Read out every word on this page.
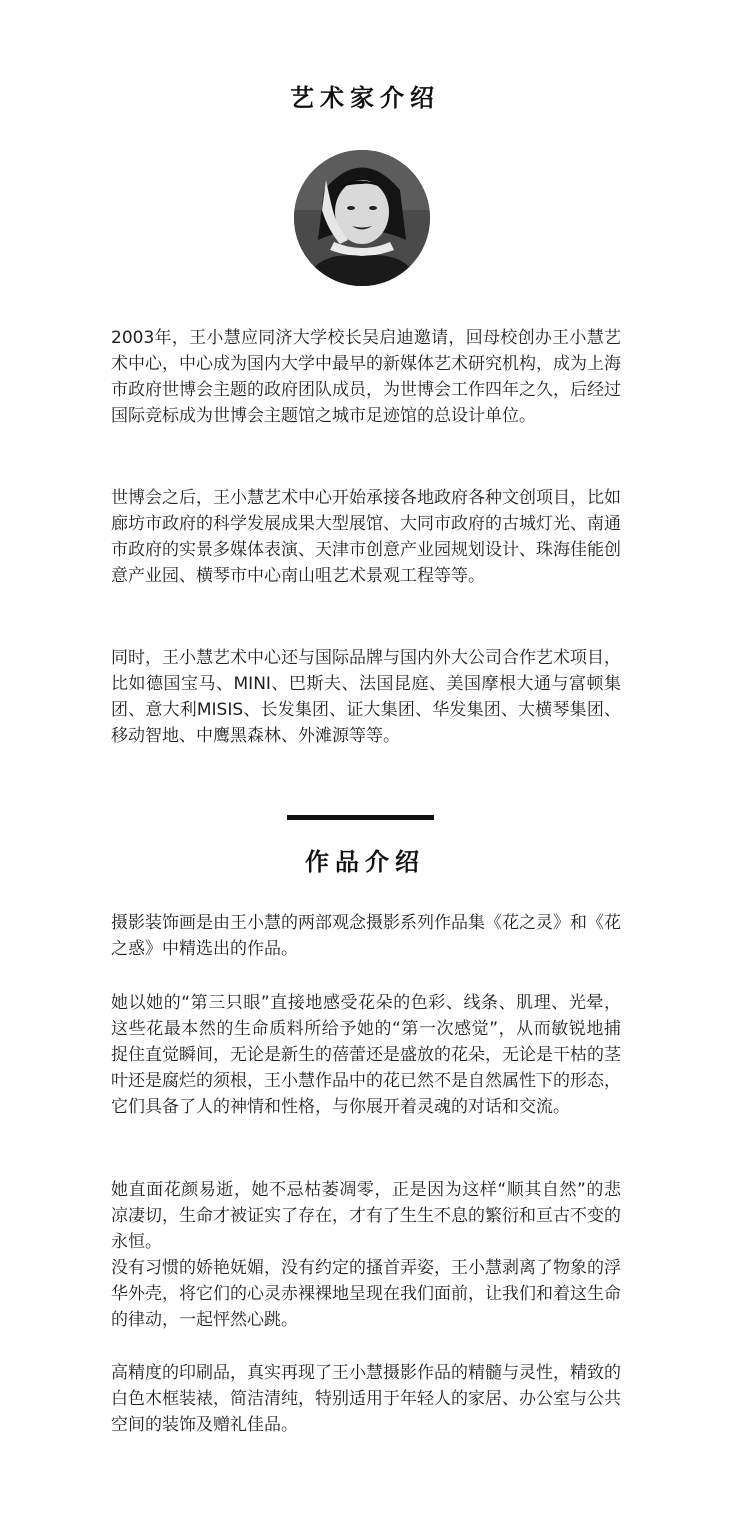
艺术家介绍

2003年，王小慧应同济大学校长吴启迪邀请，回母校创办王小慧艺术中心，中心成为国内大学中最早的新媒体艺术研究机构，成为上海市政府世博会主题的政府团队成员，为世博会工作四年之久，后经过国际竞标成为世博会主题馆之城市足迹馆的总设计单位。

世博会之后，王小慧艺术中心开始承接各地政府各种文创项目，比如廊坊市政府的科学发展成果大型展馆、大同市政府的古城灯光、南通市政府的实景多媒体表演、天津市创意产业园规划设计、珠海佳能创意产业园、横琴市中心南山咀艺术景观工程等等。

同时，王小慧艺术中心还与国际品牌与国内外大公司合作艺术项目，比如德国宝马、MINI、巴斯夫、法国昆庭、美国摩根大通与富顿集团、意大利MISIS、长发集团、证大集团、华发集团、大横琴集团、移动智地、中鹰黑森林、外滩源等等。

作品介绍

摄影装饰画是由王小慧的两部观念摄影系列作品集《花之灵》和《花之惑》中精选出的作品。

她以她的“第三只眼”直接地感受花朵的色彩、线条、肌理、光晕，这些花最本然的生命质料所给予她的“第一次感觉”，从而敏锐地捕捉住直觉瞬间，无论是新生的蓓蕾还是盛放的花朵，无论是干枯的茎叶还是腐烂的须根，王小慧作品中的花已然不是自然属性下的形态，它们具备了人的神情和性格，与你展开着灵魂的对话和交流。

她直面花颜易逝，她不忌枯萎凋零，正是因为这样“顺其自然”的悲凉凄切，生命才被证实了存在，才有了生生不息的繁衍和亘古不变的永恒。

没有习惯的娇艳妩媚，没有约定的搔首弄姿，王小慧剥离了物象的浮华外壳，将它们的心灵赤裸裸地呈现在我们面前，让我们和着这生命的律动，一起怦然心跳。

高精度的印刷品，真实再现了王小慧摄影作品的精髓与灵性，精致的白色木框装裱，简洁清纯，特别适用于年轻人的家居、办公室与公共空间的装饰及赠礼佳品。
